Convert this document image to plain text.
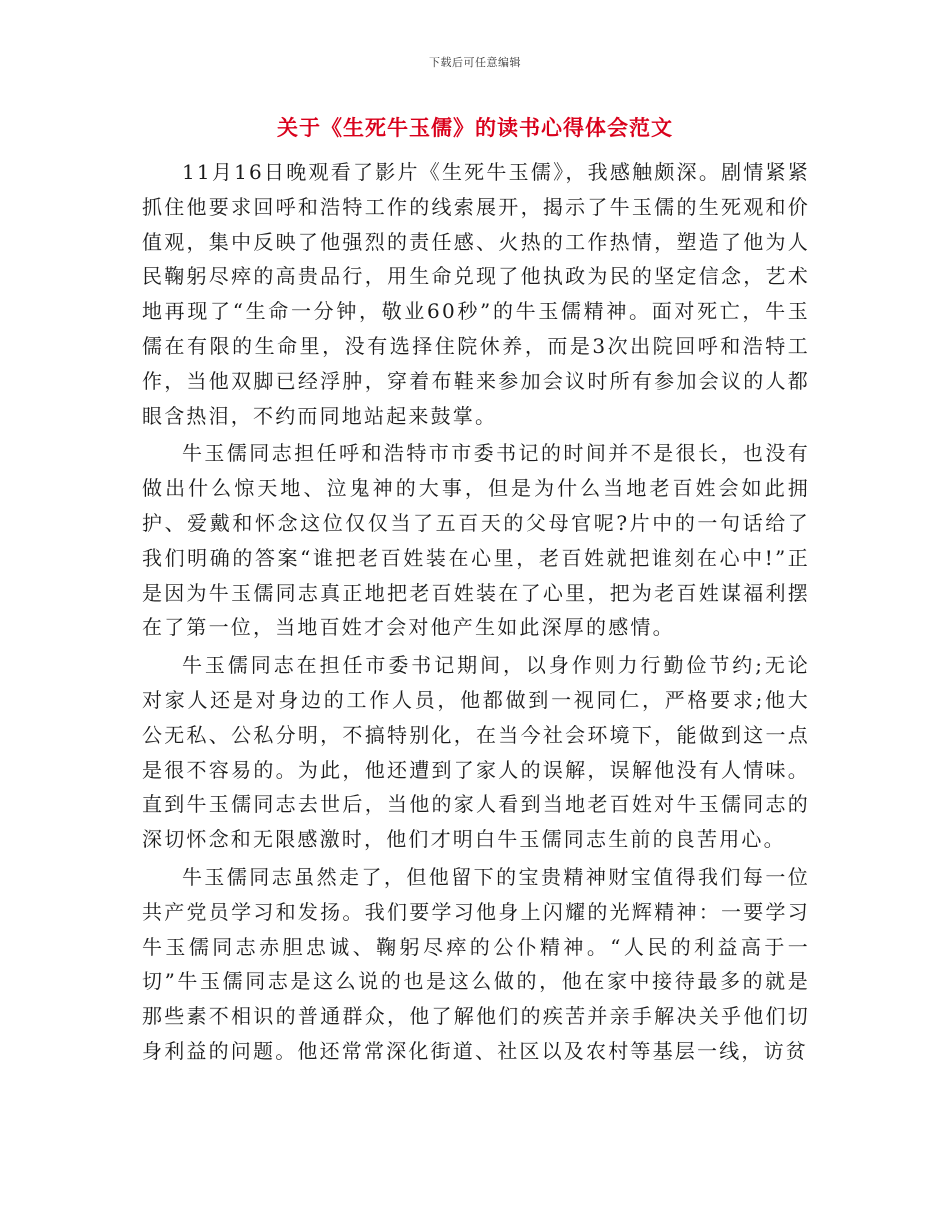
下载后可任意编辑
关于《生死牛玉儒》的读书心得体会范文

11月16日晚观看了影片《生死牛玉儒》，我感触颇深。剧情紧紧抓住他要求回呼和浩特工作的线索展开，揭示了牛玉儒的生死观和价值观，集中反映了他强烈的责任感、火热的工作热情，塑造了他为人民鞠躬尽瘁的高贵品行，用生命兑现了他执政为民的坚定信念，艺术地再现了“生命一分钟，敬业60秒”的牛玉儒精神。面对死亡，牛玉儒在有限的生命里，没有选择住院休养，而是3次出院回呼和浩特工作，当他双脚已经浮肿，穿着布鞋来参加会议时所有参加会议的人都眼含热泪，不约而同地站起来鼓掌。

牛玉儒同志担任呼和浩特市市委书记的时间并不是很长，也没有做出什么惊天地、泣鬼神的大事，但是为什么当地老百姓会如此拥护、爱戴和怀念这位仅仅当了五百天的父母官呢?片中的一句话给了我们明确的答案“谁把老百姓装在心里，老百姓就把谁刻在心中!”正是因为牛玉儒同志真正地把老百姓装在了心里，把为老百姓谋福利摆在了第一位，当地百姓才会对他产生如此深厚的感情。

牛玉儒同志在担任市委书记期间，以身作则力行勤俭节约;无论对家人还是对身边的工作人员，他都做到一视同仁，严格要求;他大公无私、公私分明，不搞特别化，在当今社会环境下，能做到这一点是很不容易的。为此，他还遭到了家人的误解，误解他没有人情味。直到牛玉儒同志去世后，当他的家人看到当地老百姓对牛玉儒同志的深切怀念和无限感激时，他们才明白牛玉儒同志生前的良苦用心。

牛玉儒同志虽然走了，但他留下的宝贵精神财宝值得我们每一位共产党员学习和发扬。我们要学习他身上闪耀的光辉精神：一要学习牛玉儒同志赤胆忠诚、鞠躬尽瘁的公仆精神。“人民的利益高于一切”牛玉儒同志是这么说的也是这么做的，他在家中接待最多的就是那些素不相识的普通群众，他了解他们的疾苦并亲手解决关乎他们切身利益的问题。他还常常深化街道、社区以及农村等基层一线，访贫
